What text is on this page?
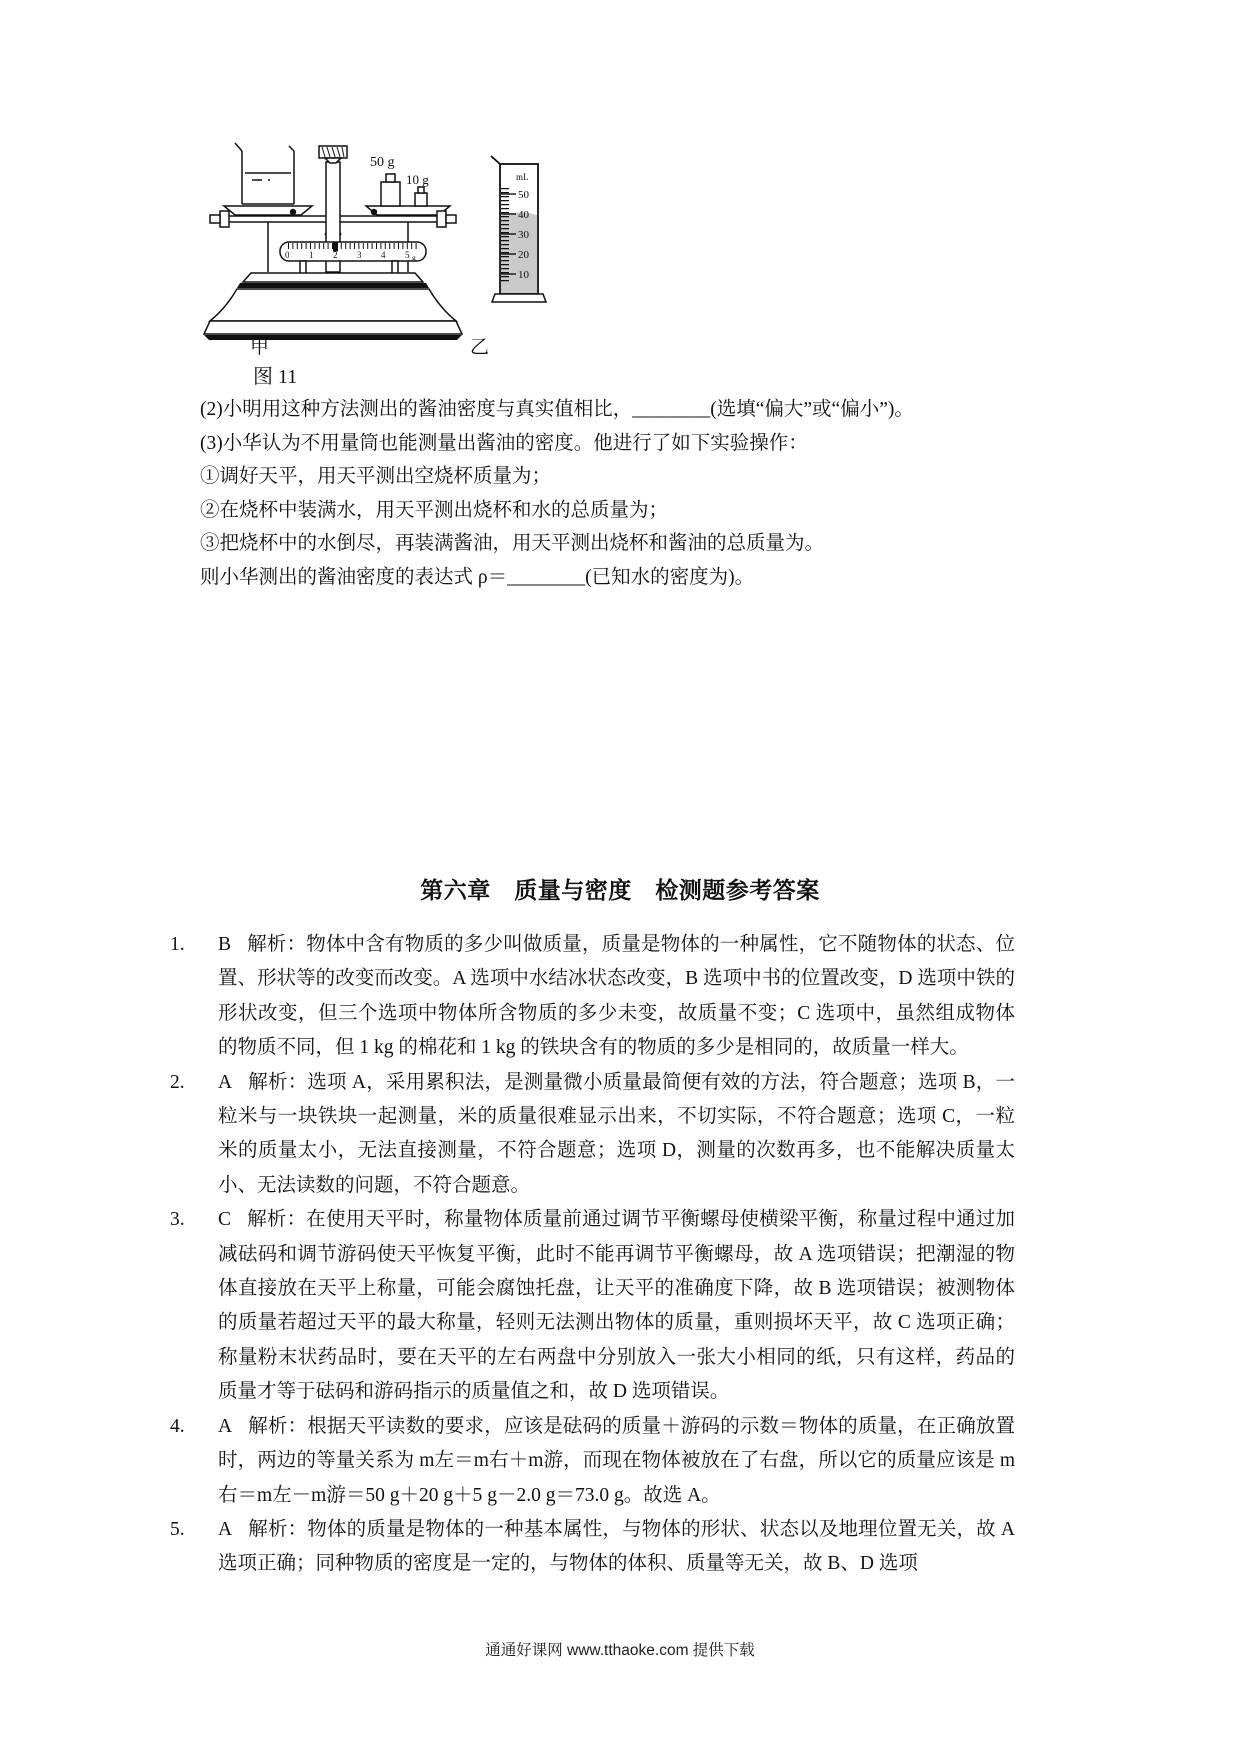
0 1 2 3 4 5 g
50 g
10 g
甲
mL
50
40
30
20
10
乙
图 11
(2)小明用这种方法测出的酱油密度与真实值相比，________(选填“偏大”或“偏小”)。
(3)小华认为不用量筒也能测量出酱油的密度。他进行了如下实验操作：
①调好天平，用天平测出空烧杯质量为；
②在烧杯中装满水，用天平测出烧杯和水的总质量为；
③把烧杯中的水倒尽，再装满酱油，用天平测出烧杯和酱油的总质量为。
则小华测出的酱油密度的表达式 ρ＝________(已知水的密度为)。
第六章　质量与密度　检测题参考答案
1.	B 解析：物体中含有物质的多少叫做质量，质量是物体的一种属性，它不随物体的状态、位置、形状等的改变而改变。A 选项中水结冰状态改变，B 选项中书的位置改变，D 选项中铁的形状改变，但三个选项中物体所含物质的多少未变，故质量不变；C 选项中，虽然组成物体的物质不同，但 1 kg 的棉花和 1 kg 的铁块含有的物质的多少是相同的，故质量一样大。
2.	A 解析：选项 A，采用累积法，是测量微小质量最简便有效的方法，符合题意；选项 B，一粒米与一块铁块一起测量，米的质量很难显示出来，不切实际，不符合题意；选项 C，一粒米的质量太小，无法直接测量，不符合题意；选项 D，测量的次数再多，也不能解决质量太小、无法读数的问题，不符合题意。
3.	C 解析：在使用天平时，称量物体质量前通过调节平衡螺母使横梁平衡，称量过程中通过加减砝码和调节游码使天平恢复平衡，此时不能再调节平衡螺母，故 A 选项错误；把潮湿的物体直接放在天平上称量，可能会腐蚀托盘，让天平的准确度下降，故 B 选项错误；被测物体的质量若超过天平的最大称量，轻则无法测出物体的质量，重则损坏天平，故 C 选项正确；称量粉末状药品时，要在天平的左右两盘中分别放入一张大小相同的纸，只有这样，药品的质量才等于砝码和游码指示的质量值之和，故 D 选项错误。
4.	A 解析：根据天平读数的要求，应该是砝码的质量＋游码的示数＝物体的质量，在正确放置时，两边的等量关系为 m左＝m右＋m游，而现在物体被放在了右盘，所以它的质量应该是 m右＝m左－m游＝50 g＋20 g＋5 g－2.0 g＝73.0 g。故选 A。
5.	A 解析：物体的质量是物体的一种基本属性，与物体的形状、状态以及地理位置无关，故 A 选项正确；同种物质的密度是一定的，与物体的体积、质量等无关，故 B、D 选项
通通好课网 www.tthaoke.com 提供下载
